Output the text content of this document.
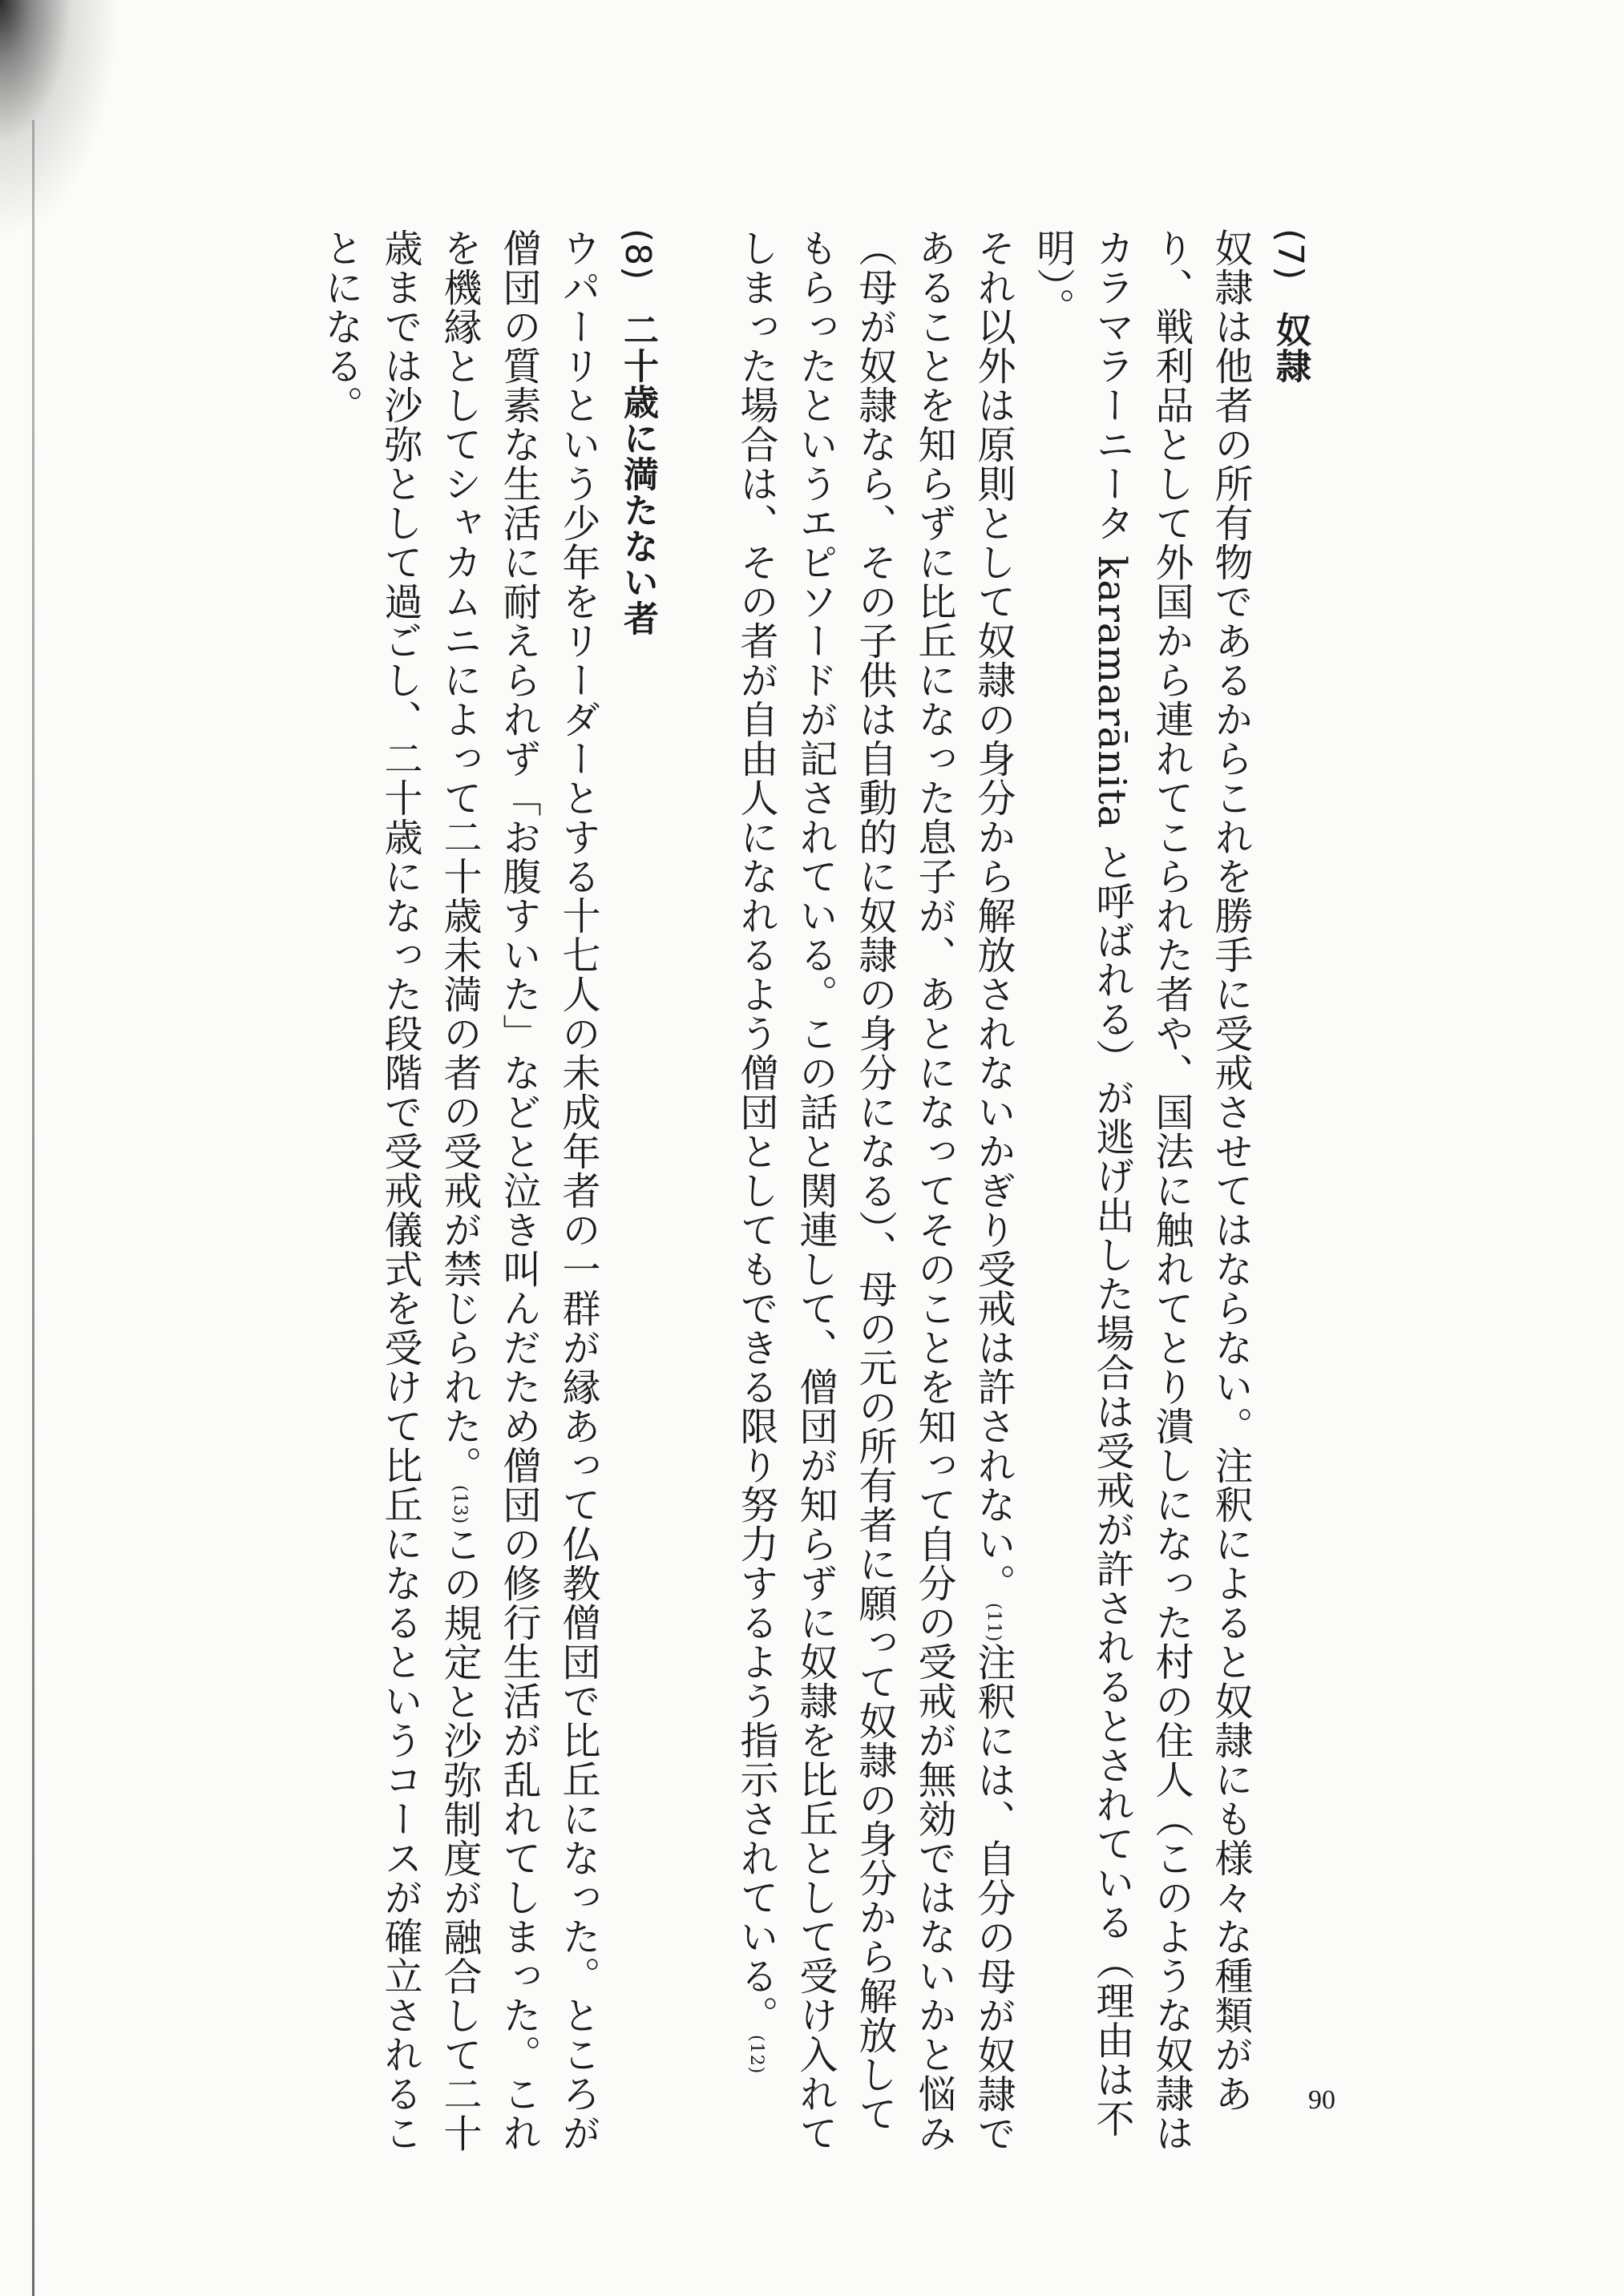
(7) 奴隷

奴隷は他者の所有物であるからこれを勝手に受戒させてはならない。注釈によると奴隷にも様々な種類があり、戦利品として外国から連れてこられた者や、国法に触れてとり潰しになった村の住人（このような奴隷はカラマラーニータ karamarānita と呼ばれる）が逃げ出した場合は受戒が許されるとされている（理由は不明）。

それ以外は原則として奴隷の身分から解放されないかぎり受戒は許されない。(11)注釈には、自分の母が奴隷であることを知らずに比丘になった息子が、あとになってそのことを知って自分の受戒が無効ではないかと悩み（母が奴隷なら、その子供は自動的に奴隷の身分になる）、母の元の所有者に願って奴隷の身分から解放してもらったというエピソードが記されている。この話と関連して、僧団が知らずに奴隷を比丘として受け入れてしまった場合は、その者が自由人になれるよう僧団としてもできる限り努力するよう指示されている。(12)

(8) 二十歳に満たない者

ウパーリという少年をリーダーとする十七人の未成年者の一群が縁あって仏教僧団で比丘になった。ところが僧団の質素な生活に耐えられず「お腹すいた」などと泣き叫んだため僧団の修行生活が乱れてしまった。これを機縁としてシャカムニによって二十歳未満の者の受戒が禁じられた。(13)この規定と沙弥制度が融合して二十歳までは沙弥として過ごし、二十歳になった段階で受戒儀式を受けて比丘になるというコースが確立されることになる。

90
